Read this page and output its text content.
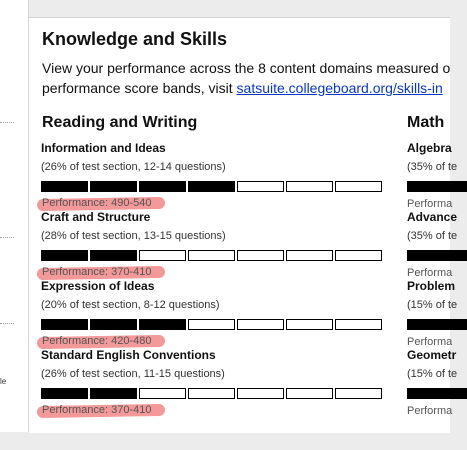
le
Knowledge and Skills
View your performance across the 8 content domains measured o
performance score bands, visit satsuite.collegeboard.org/skills-in
Reading and Writing	Math
Information and Ideas
(26% of test section, 12-14 questions)
Performance: 490-540
Craft and Structure
(28% of test section, 13-15 questions)
Performance: 370-410
Expression of Ideas
(20% of test section, 8-12 questions)
Performance: 420-480
Standard English Conventions
(26% of test section, 11-15 questions)
Performance: 370-410
Algebra
(35% of te
Performa
Advance
(35% of te
Performa
Problem
(15% of te
Performa
Geometr
(15% of te
Performa
